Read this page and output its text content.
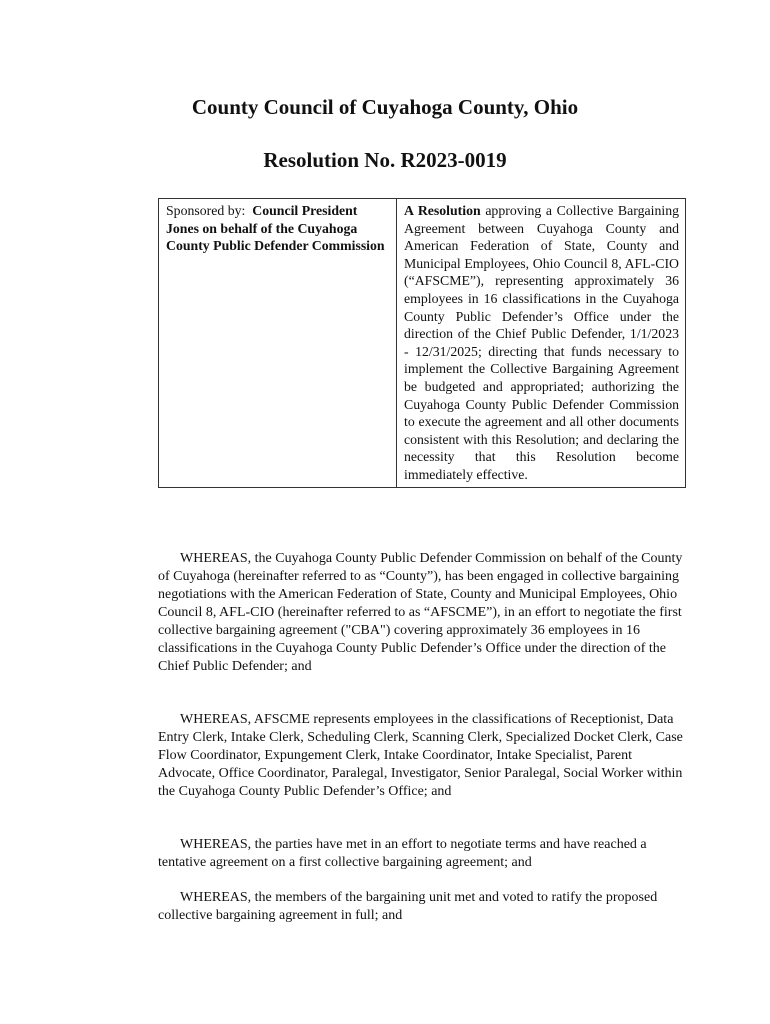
County Council of Cuyahoga County, Ohio
Resolution No. R2023-0019
Sponsored by: Council President Jones on behalf of the Cuyahoga County Public Defender Commission	A Resolution approving a Collective Bargaining Agreement between Cuyahoga County and American Federation of State, County and Municipal Employees, Ohio Council 8, AFL-CIO (“AFSCME”), representing approximately 36 employees in 16 classifications in the Cuyahoga County Public Defender’s Office under the direction of the Chief Public Defender, 1/1/2023 - 12/31/2025; directing that funds necessary to implement the Collective Bargaining Agreement be budgeted and appropriated; authorizing the Cuyahoga County Public Defender Commission to execute the agreement and all other documents consistent with this Resolution; and declaring the necessity that this Resolution become immediately effective.

WHEREAS, the Cuyahoga County Public Defender Commission on behalf of the County of Cuyahoga (hereinafter referred to as “County”), has been engaged in collective bargaining negotiations with the American Federation of State, County and Municipal Employees, Ohio Council 8, AFL-CIO (hereinafter referred to as “AFSCME”), in an effort to negotiate the first collective bargaining agreement ("CBA") covering approximately 36 employees in 16 classifications in the Cuyahoga County Public Defender’s Office under the direction of the Chief Public Defender; and

WHEREAS, AFSCME represents employees in the classifications of Receptionist, Data Entry Clerk, Intake Clerk, Scheduling Clerk, Scanning Clerk, Specialized Docket Clerk, Case Flow Coordinator, Expungement Clerk, Intake Coordinator, Intake Specialist, Parent Advocate, Office Coordinator, Paralegal, Investigator, Senior Paralegal, Social Worker within the Cuyahoga County Public Defender’s Office; and

WHEREAS, the parties have met in an effort to negotiate terms and have reached a tentative agreement on a first collective bargaining agreement; and

WHEREAS, the members of the bargaining unit met and voted to ratify the proposed collective bargaining agreement in full; and
